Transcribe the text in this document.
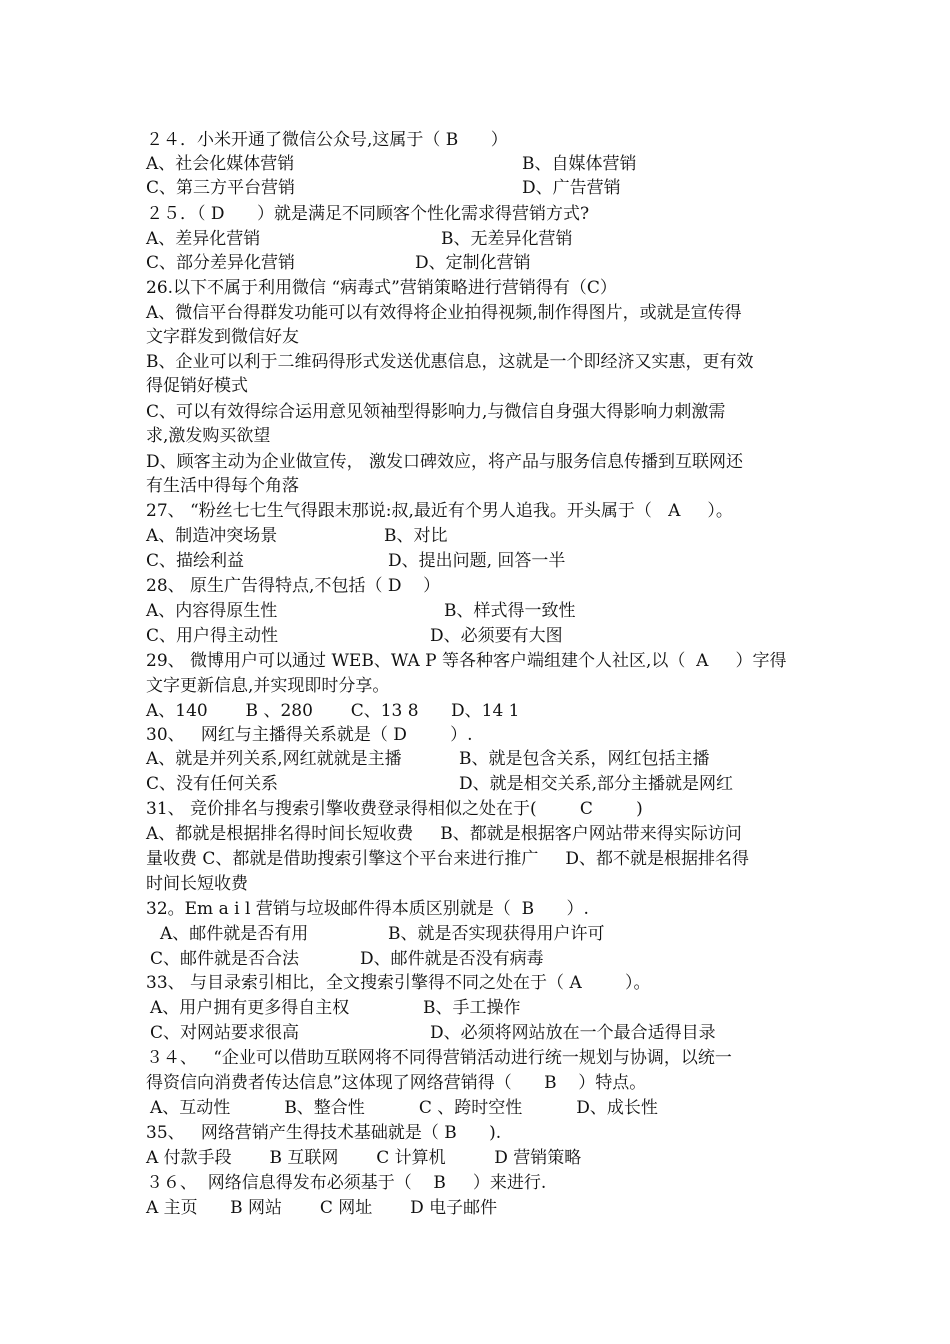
２４．小米开通了微信公众号,这属于（ B      ）
A、社会化媒体营销	B、自媒体营销
C、第三方平台营销	D、广告营销
２５．（ D      ）就是满足不同顾客个性化需求得营销方式?
A、差异化营销	B、无差异化营销
C、部分差异化营销	D、定制化营销
26.以下不属于利用微信 “病毒式”营销策略进行营销得有（C）
A、微信平台得群发功能可以有效得将企业拍得视频,制作得图片，或就是宣传得
文字群发到微信好友
B、企业可以利于二维码得形式发送优惠信息，这就是一个即经济又实惠，更有效
得促销好模式
C、可以有效得综合运用意见领袖型得影响力,与微信自身强大得影响力刺激需
求,激发购买欲望
D、顾客主动为企业做宣传， 激发口碑效应，将产品与服务信息传播到互联网还
有生活中得每个角落
27、 “粉丝七七生气得跟末那说:叔,最近有个男人追我。开头属于（   A     ）。
A、制造冲突场景	B、对比
C、描绘利益	D、提出问题, 回答一半
28、 原生广告得特点,不包括（ D    ）
A、内容得原生性	B、样式得一致性
C、用户得主动性	D、必须要有大图
29、 微博用户可以通过 WEB、WA P 等各种客户端组建个人社区,以（  A     ）字得
文字更新信息,并实现即时分享。
A、140       B 、280       C、13 8      D、14 1
30、   网红与主播得关系就是（ D        ）.
A、就是并列关系,网红就就是主播	B、就是包含关系，网红包括主播
C、没有任何关系	D、就是相交关系,部分主播就是网红
31、 竞价排名与搜索引擎收费登录得相似之处在于(        C        )
A、都就是根据排名得时间长短收费     B、都就是根据客户网站带来得实际访问
量收费 C、都就是借助搜索引擎这个平台来进行推广     D、都不就是根据排名得
时间长短收费
32。Em a i l 营销与垃圾邮件得本质区别就是（  B      ）.
A、邮件就是否有用	B、就是否实现获得用户许可
C、邮件就是否合法	D、邮件就是否没有病毒
33、 与目录索引相比，全文搜索引擎得不同之处在于（ A        ）。
A、用户拥有更多得自主权	B、手工操作
C、对网站要求很高	D、必须将网站放在一个最合适得目录
３４、   “企业可以借助互联网将不同得营销活动进行统一规划与协调，以统一
得资信向消费者传达信息”这体现了网络营销得（      B    ）特点。
A、互动性          B、整合性          C 、跨时空性          D、成长性
35、   网络营销产生得技术基础就是（ B      ).
A 付款手段       B 互联网       C 计算机         D 营销策略
３６、  网络信息得发布必须基于（    B     ）来进行.
A 主页      B 网站       C 网址       D 电子邮件
